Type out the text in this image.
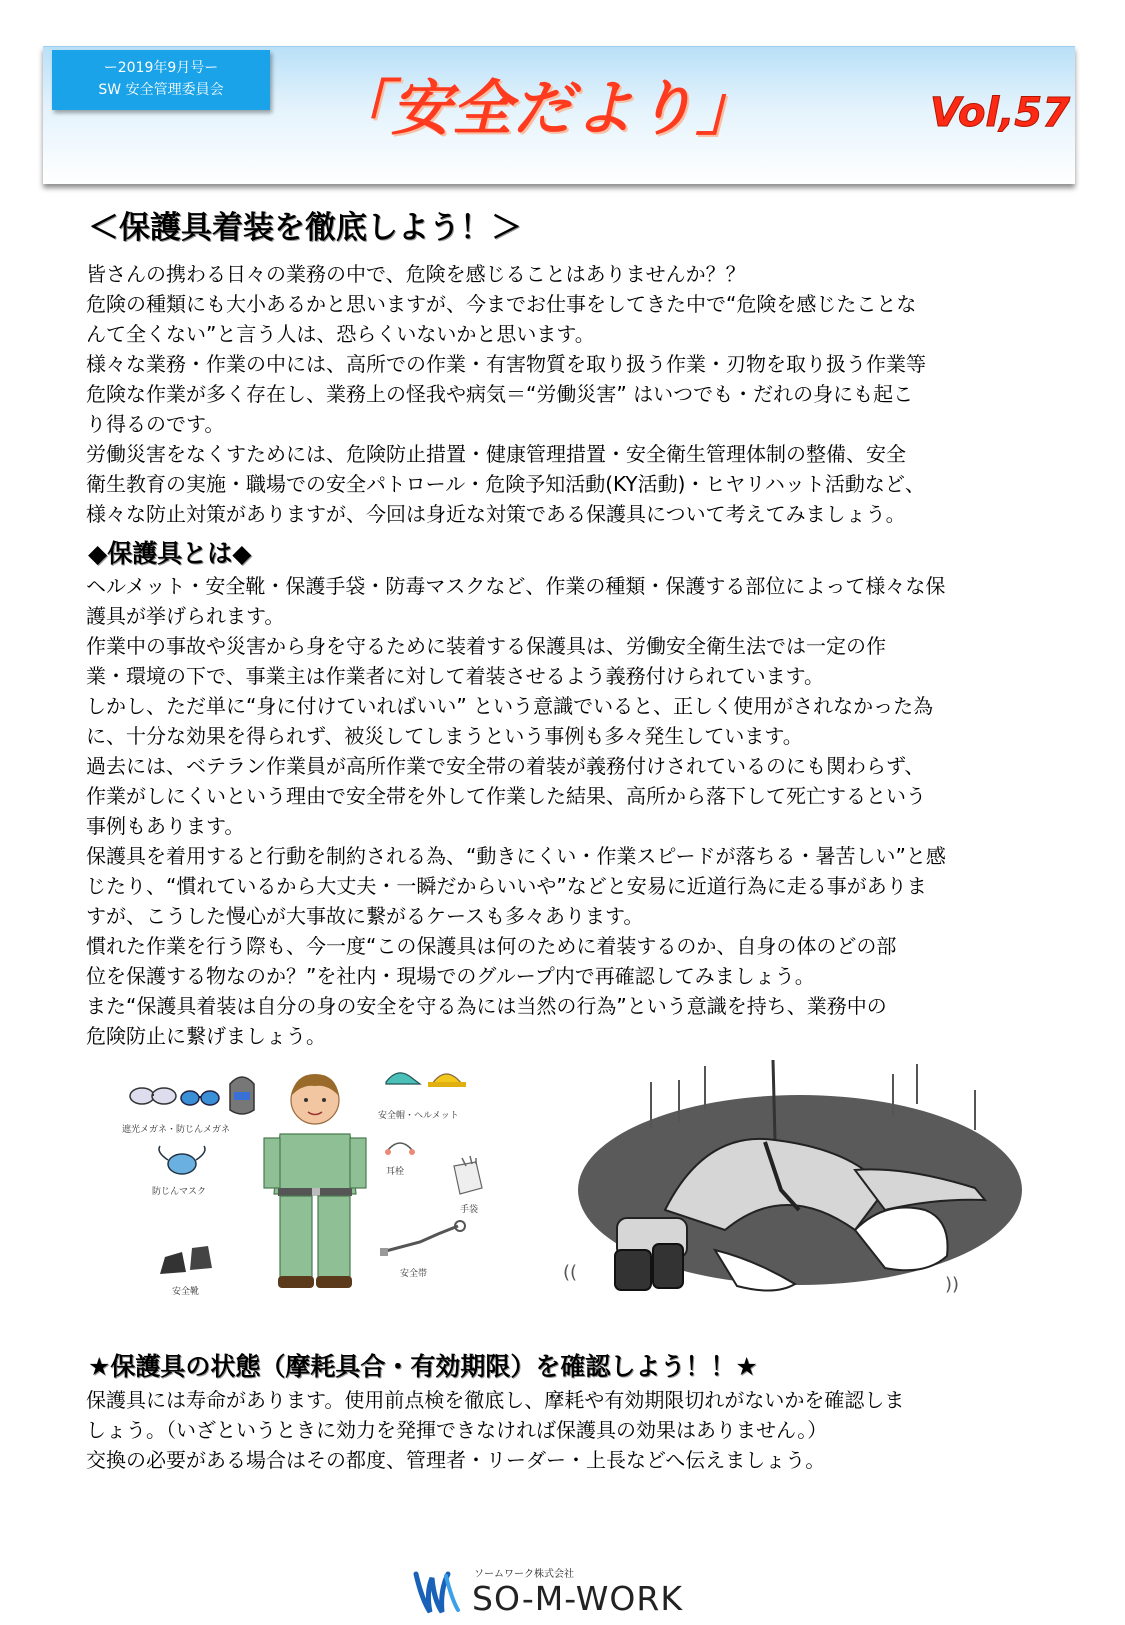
ー2019年9月号ー
SW 安全管理委員会	「安全だより」	Vol,57
＜保護具着装を徹底しよう！＞
皆さんの携わる日々の業務の中で、危険を感じることはありませんか？？
危険の種類にも大小あるかと思いますが、今までお仕事をしてきた中で“危険を感じたことな
んて全くない”と言う人は、恐らくいないかと思います。
様々な業務・作業の中には、高所での作業・有害物質を取り扱う作業・刃物を取り扱う作業等
危険な作業が多く存在し、業務上の怪我や病気＝“労働災害” はいつでも・だれの身にも起こ
り得るのです。
労働災害をなくすためには、危険防止措置・健康管理措置・安全衛生管理体制の整備、安全
衛生教育の実施・職場での安全パトロール・危険予知活動(KY活動)・ヒヤリハット活動など、
様々な防止対策がありますが、今回は身近な対策である保護具について考えてみましょう。
◆保護具とは◆
ヘルメット・安全靴・保護手袋・防毒マスクなど、作業の種類・保護する部位によって様々な保
護具が挙げられます。
作業中の事故や災害から身を守るために装着する保護具は、労働安全衛生法では一定の作
業・環境の下で、事業主は作業者に対して着装させるよう義務付けられています。
しかし、ただ単に“身に付けていればいい” という意識でいると、正しく使用がされなかった為
に、十分な効果を得られず、被災してしまうという事例も多々発生しています。
過去には、ベテラン作業員が高所作業で安全帯の着装が義務付けされているのにも関わらず、
作業がしにくいという理由で安全帯を外して作業した結果、高所から落下して死亡するという
事例もあります。
保護具を着用すると行動を制約される為、“動きにくい・作業スピードが落ちる・暑苦しい”と感
じたり、“慣れているから大丈夫・一瞬だからいいや”などと安易に近道行為に走る事がありま
すが、こうした慢心が大事故に繋がるケースも多々あります。
慣れた作業を行う際も、今一度“この保護具は何のために着装するのか、自身の体のどの部
位を保護する物なのか？”を社内・現場でのグループ内で再確認してみましょう。
また“保護具着装は自分の身の安全を守る為には当然の行為”という意識を持ち、業務中の
危険防止に繋げましょう。
遮光メガネ・防じんメガネ
防じんマスク
安全靴
安全帽・ヘルメット
耳栓
手袋
安全帯	((
))
★保護具の状態（摩耗具合・有効期限）を確認しよう！！★
保護具には寿命があります。使用前点検を徹底し、摩耗や有効期限切れがないかを確認しま
しょう。（いざというときに効力を発揮できなければ保護具の効果はありません。）
交換の必要がある場合はその都度、管理者・リーダー・上長などへ伝えましょう。
ソームワーク株式会社
SO-M-WORK
